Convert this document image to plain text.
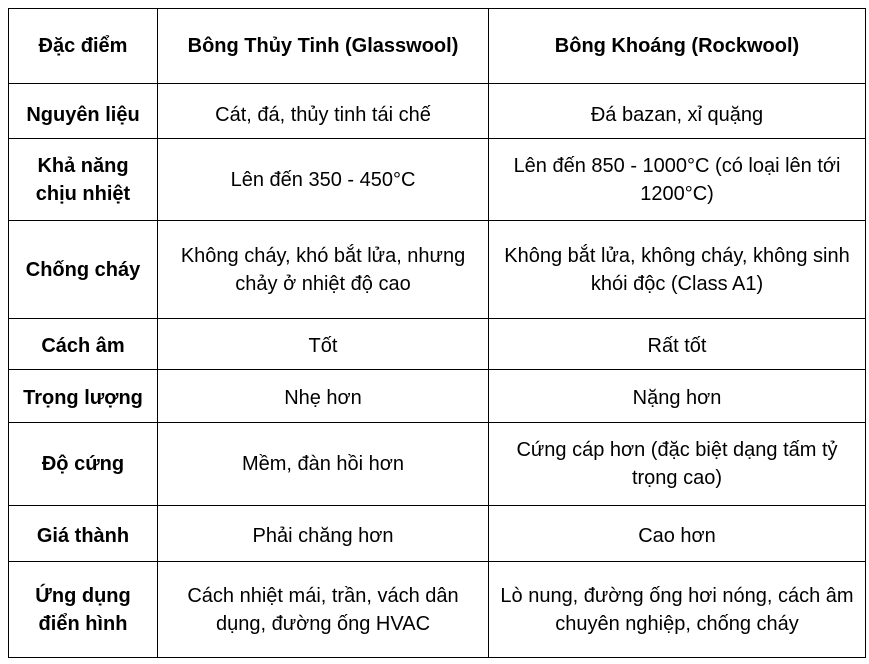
Đặc điểm	Bông Thủy Tinh (Glasswool)	Bông Khoáng (Rockwool)
Nguyên liệu	Cát, đá, thủy tinh tái chế	Đá bazan, xỉ quặng
Khả năng chịu nhiệt	Lên đến 350 - 450°C	Lên đến 850 - 1000°C (có loại lên tới 1200°C)
Chống cháy	Không cháy, khó bắt lửa, nhưng chảy ở nhiệt độ cao	Không bắt lửa, không cháy, không sinh khói độc (Class A1)
Cách âm	Tốt	Rất tốt
Trọng lượng	Nhẹ hơn	Nặng hơn
Độ cứng	Mềm, đàn hồi hơn	Cứng cáp hơn (đặc biệt dạng tấm tỷ trọng cao)
Giá thành	Phải chăng hơn	Cao hơn
Ứng dụng điển hình	Cách nhiệt mái, trần, vách dân dụng, đường ống HVAC	Lò nung, đường ống hơi nóng, cách âm chuyên nghiệp, chống cháy
